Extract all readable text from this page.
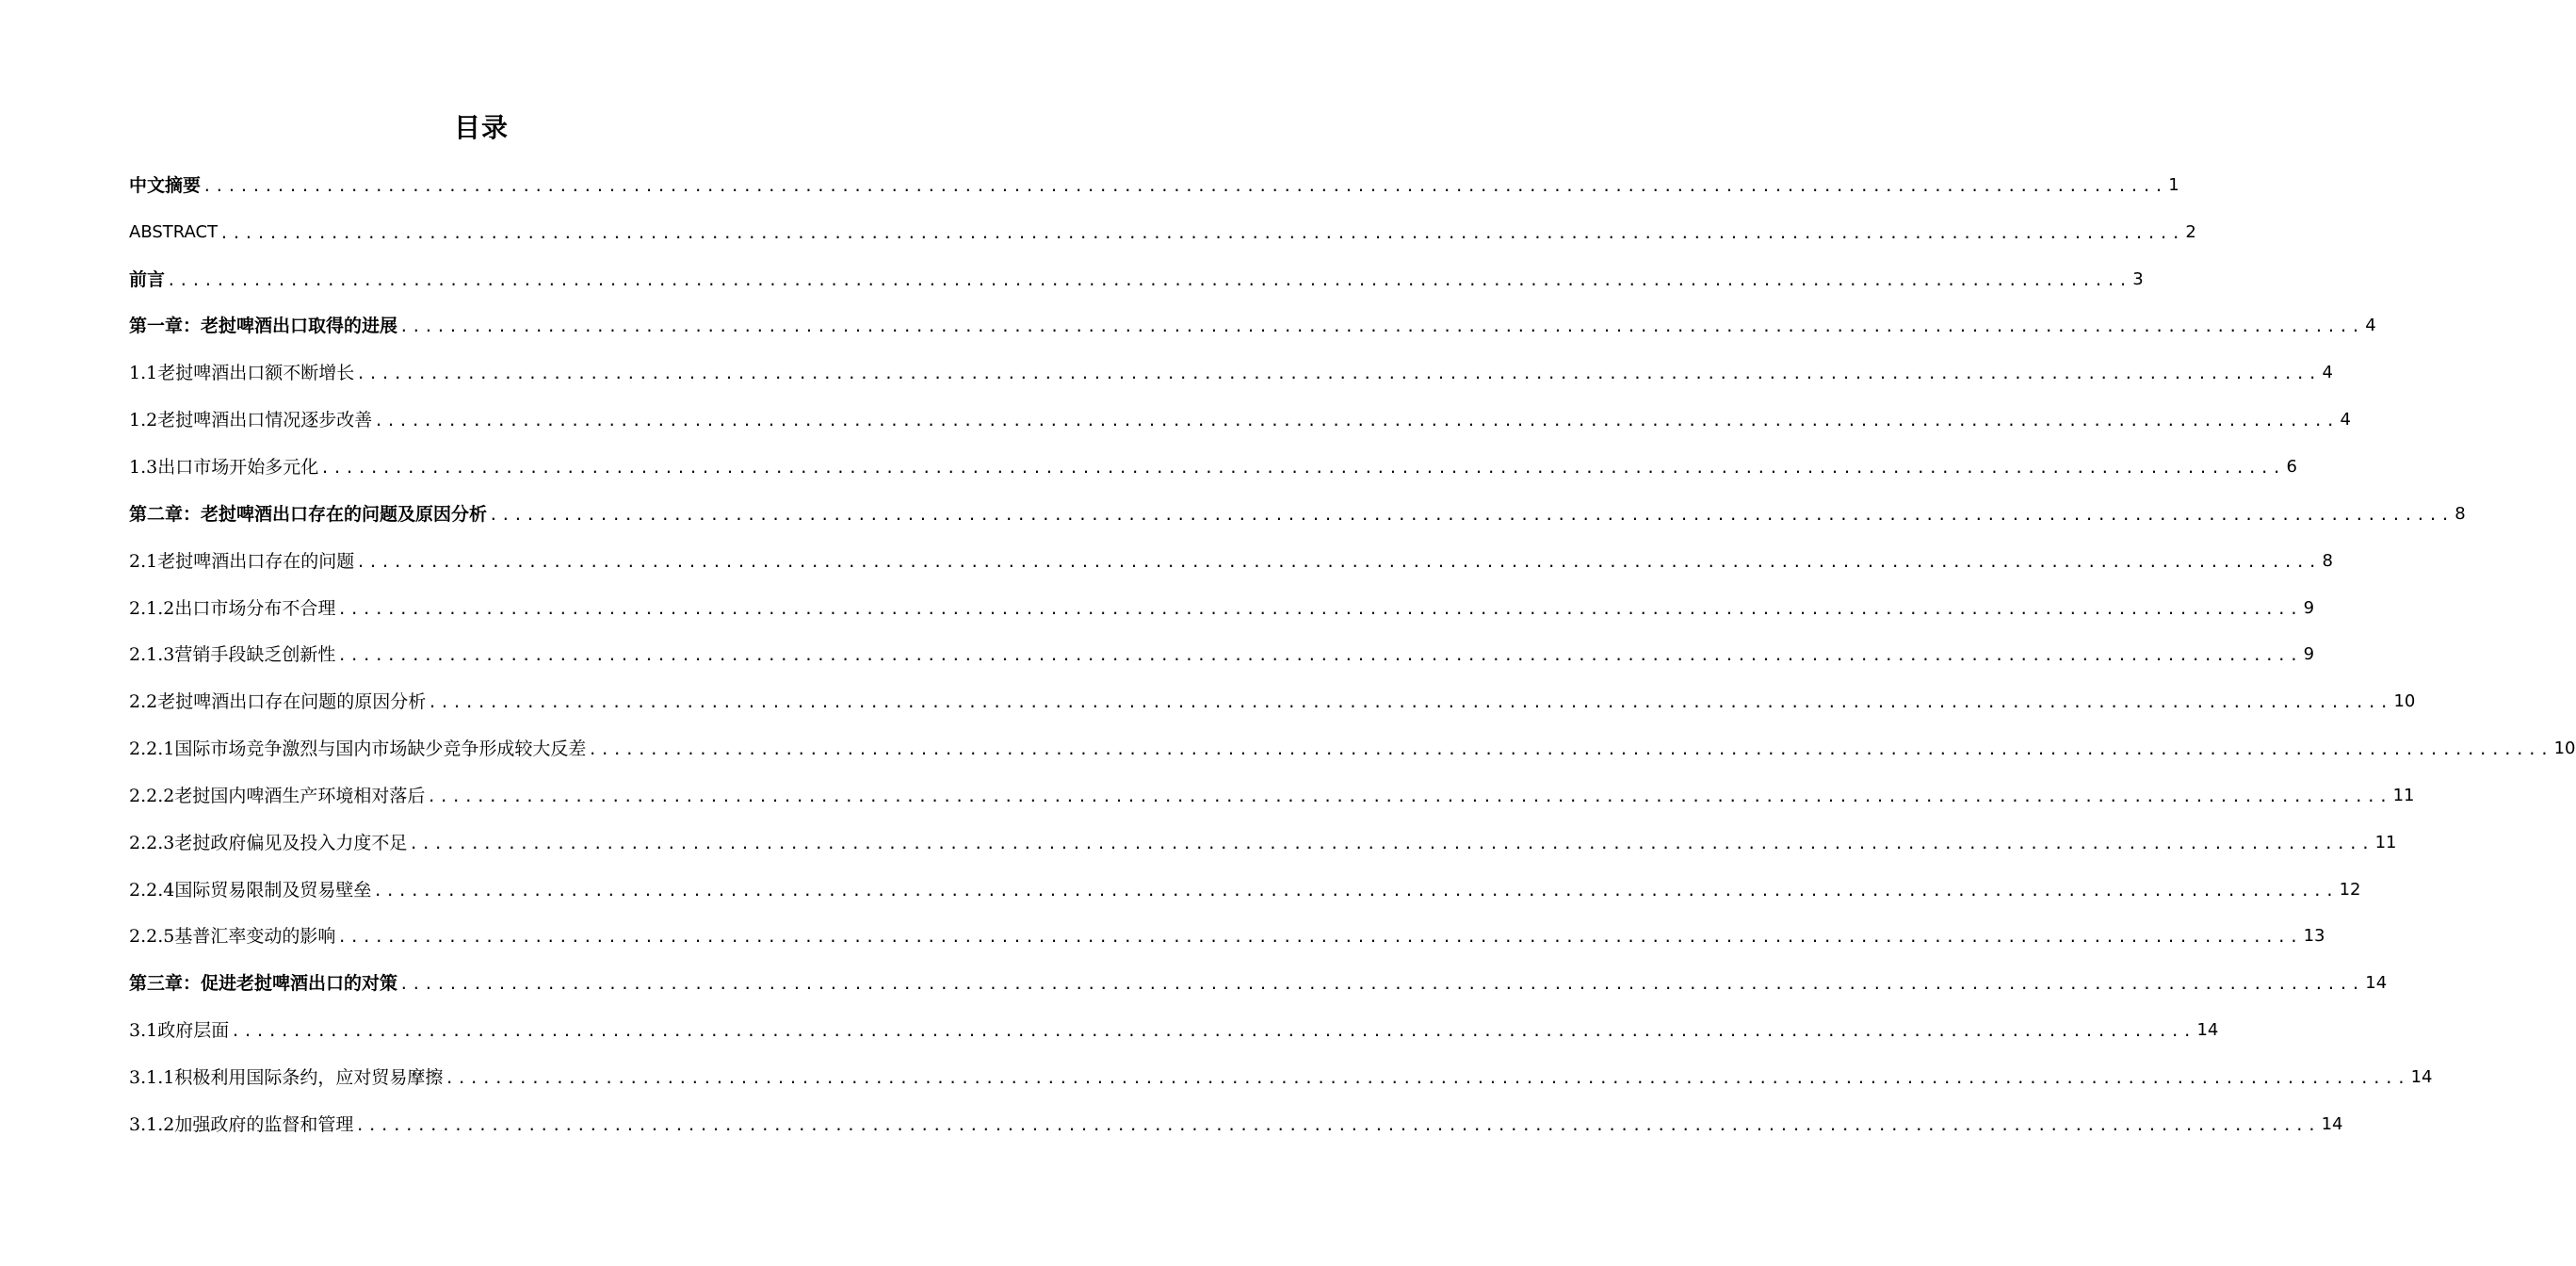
目录
中文摘要 ................................................................................................................................................................ 1
ABSTRACT ................................................................................................................................................................ 2
前言 ................................................................................................................................................................ 3
第一章：老挝啤酒出口取得的进展 ................................................................................................................................................................ 4
1.1老挝啤酒出口额不断增长 ................................................................................................................................................................ 4
1.2老挝啤酒出口情况逐步改善 ................................................................................................................................................................ 4
1.3出口市场开始多元化 ................................................................................................................................................................ 6
第二章：老挝啤酒出口存在的问题及原因分析 ................................................................................................................................................................ 8
2.1老挝啤酒出口存在的问题 ................................................................................................................................................................ 8
2.1.2出口市场分布不合理 ................................................................................................................................................................ 9
2.1.3营销手段缺乏创新性 ................................................................................................................................................................ 9
2.2老挝啤酒出口存在问题的原因分析 ................................................................................................................................................................ 10
2.2.1国际市场竞争激烈与国内市场缺少竞争形成较大反差 ................................................................................................................................................................ 10
2.2.2老挝国内啤酒生产环境相对落后 ................................................................................................................................................................ 11
2.2.3老挝政府偏见及投入力度不足 ................................................................................................................................................................ 11
2.2.4国际贸易限制及贸易壁垒 ................................................................................................................................................................ 12
2.2.5基普汇率变动的影响 ................................................................................................................................................................ 13
第三章：促进老挝啤酒出口的对策 ................................................................................................................................................................ 14
3.1政府层面 ................................................................................................................................................................ 14
3.1.1积极利用国际条约，应对贸易摩擦 ................................................................................................................................................................ 14
3.1.2加强政府的监督和管理 ................................................................................................................................................................ 14
